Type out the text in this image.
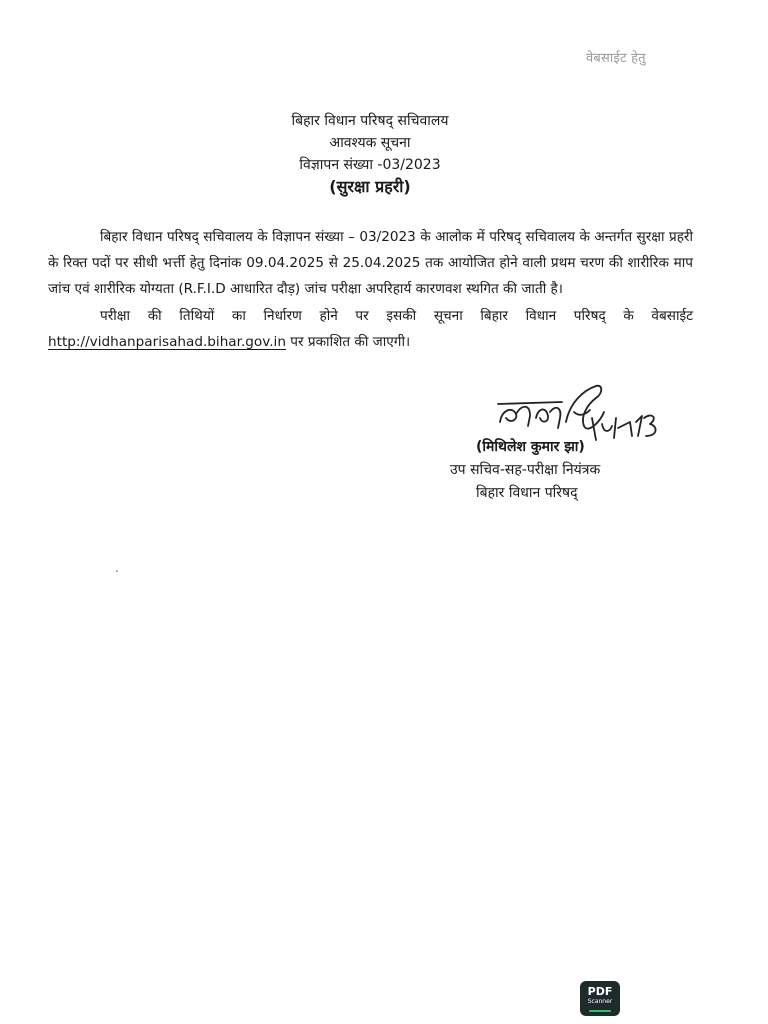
वेबसाईट हेतु
बिहार विधान परिषद् सचिवालय
आवश्यक सूचना
विज्ञापन संख्या -03/2023
(सुरक्षा प्रहरी)

बिहार विधान परिषद् सचिवालय के विज्ञापन संख्या – 03/2023 के आलोक में परिषद् सचिवालय के अन्तर्गत सुरक्षा प्रहरी के रिक्त पदों पर सीधी भर्त्ती हेतु दिनांक 09.04.2025 से 25.04.2025 तक आयोजित होने वाली प्रथम चरण की शारीरिक माप जांच एवं शारीरिक योग्यता (R.F.I.D आधारित दौड़) जांच परीक्षा अपरिहार्य कारणवश स्थगित की जाती है।

परीक्षा की तिथियों का निर्धारण होने पर इसकी सूचना बिहार विधान परिषद् के वेबसाईट http://vidhanparisahad.bihar.gov.in पर प्रकाशित की जाएगी।

(मिथिलेश कुमार झा)
उप सचिव-सह-परीक्षा नियंत्रक
बिहार विधान परिषद्
PDF
Scanner
